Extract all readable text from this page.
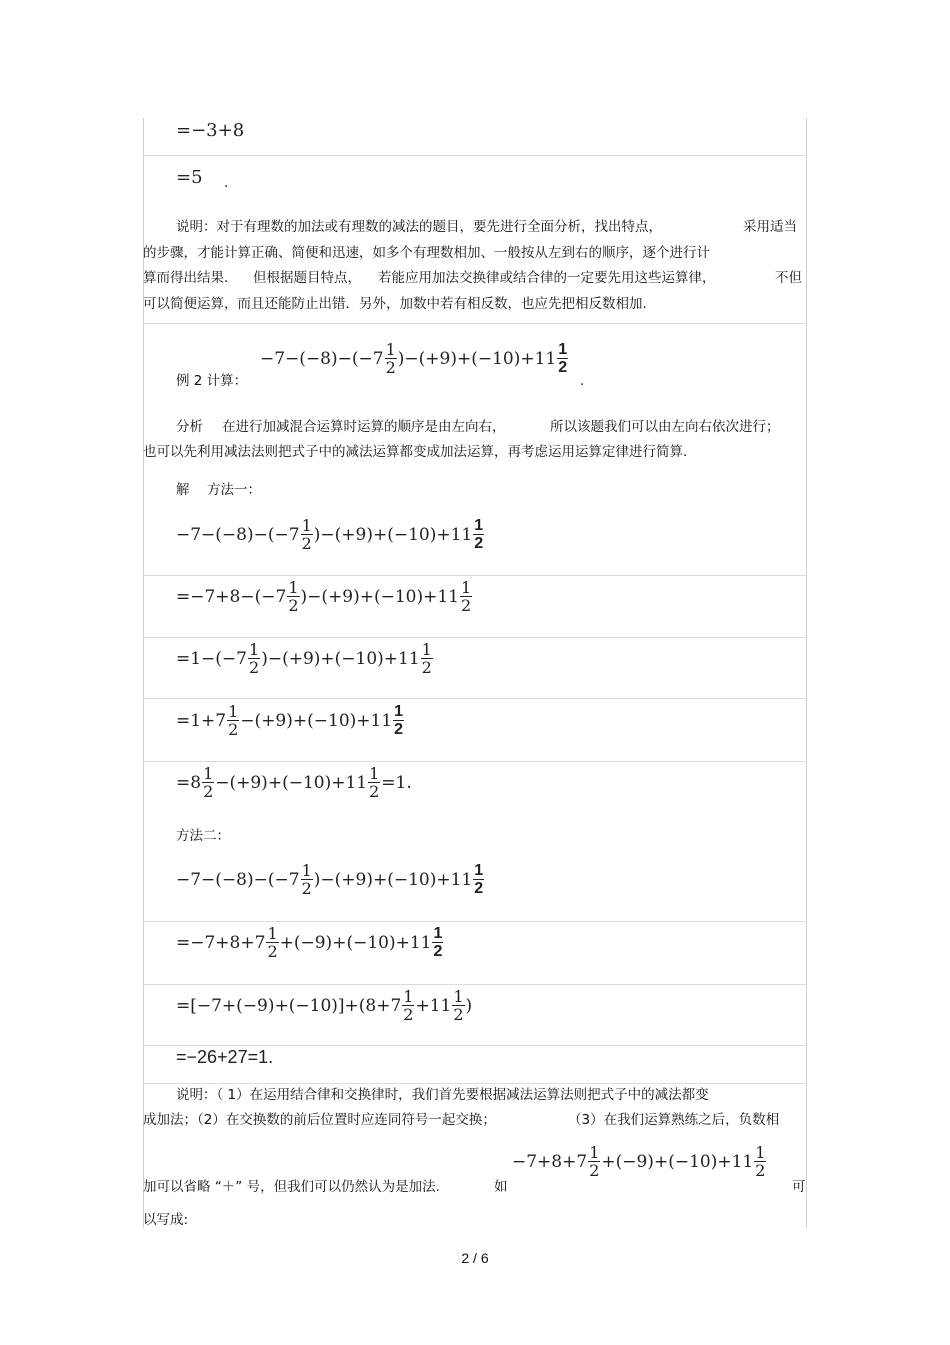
=−3+8
=5 .
说明：对于有理数的加法或有理数的减法的题目，要先进行全面分析，找出特点，	采用适当
的步骤，才能计算正确、简便和迅速，如多个有理数相加、一般按从左到右的顺序，逐个进行计
算而得出结果． 但根据题目特点， 若能应用加法交换律或结合律的一定要先用这些运算律，	不但
可以简便运算，而且还能防止出错．另外，加数中若有相反数，也应先把相反数相加．
例 2 计算：
$-7-(-8)-(-7 \frac{1}{2} )-(+9)+(-10)+11 \frac{1}{2}$
.
分析 在进行加减混合运算时运算的顺序是由左向右，	所以该题我们可以由左向右依次进行；
也可以先利用减法法则把式子中的减法运算都变成加法运算，再考虑运用运算定律进行简算．
解 方法一：
$-7-(-8)-(-7 \frac{1}{2} )-(+9)+(-10)+11 \frac{1}{2}$
$=-7+8-(-7 \frac{1}{2} )-(+9)+(-10)+11 \frac{1}{2}$
$=1-(-7 \frac{1}{2} )-(+9)+(-10)+11 \frac{1}{2}$
$=1+7 \frac{1}{2} -(+9)+(-10)+11 \frac{1}{2}$
$=8 \frac{1}{2} -(+9)+(-10)+11 \frac{1}{2} =1$.
方法二：
$-7-(-8)-(-7 \frac{1}{2} )-(+9)+(-10)+11 \frac{1}{2}$
$=-7+8+7 \frac{1}{2} +(-9)+(-10)+11 \frac{1}{2}$
$=[-7+(-9)+(-10)]+(8+7 \frac{1}{2} +11 \frac{1}{2}$ )
=−26+27=1.
说明：（ 1）在运用结合律和交换律时，我们首先要根据减法运算法则把式子中的减法都变
成加法；（2）在交换数的前后位置时应连同符号一起交换；	（3）在我们运算熟练之后，负数相
加可以省略 “＋” 号，但我们可以仍然认为是加法.	如
$-7+8+7 \frac{1}{2} +(-9)+(-10)+11 \frac{1}{2}$
可
以写成:
2 / 6
